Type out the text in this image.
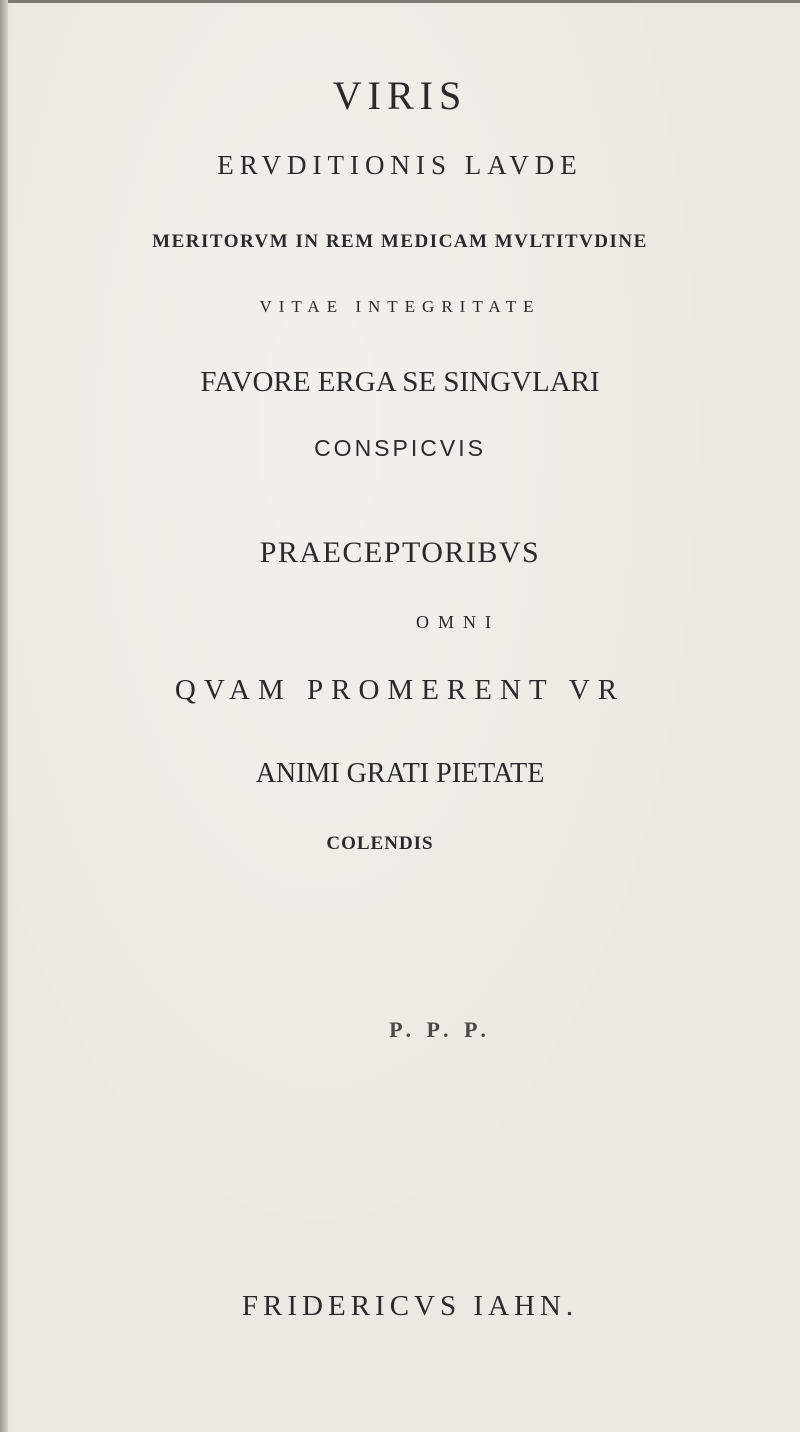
VIRIS
ERVDITIONIS LAVDE
MERITORVM IN REM MEDICAM MVLTITVDINE
VITAE INTEGRITATE
FAVORE ERGA SE SINGVLARI
CONSPICVIS
PRAECEPTORIBVS
OMNI
QVAM PROMERENT VR
ANIMI GRATI PIETATE
COLENDIS
P. P. P.
FRIDERICVS IAHN.
